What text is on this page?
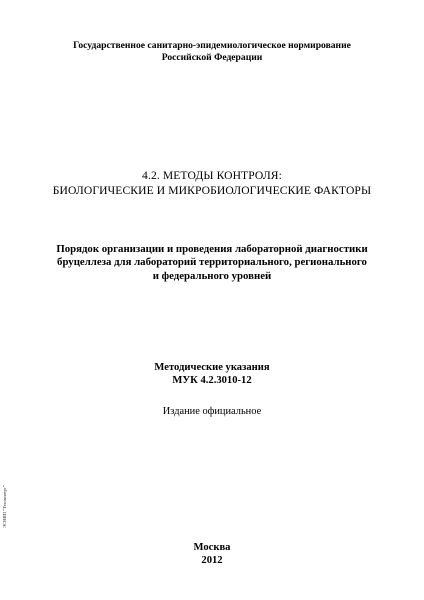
Государственное санитарно-эпидемиологическое нормирование
Российской Федерации
4.2. МЕТОДЫ КОНТРОЛЯ:
БИОЛОГИЧЕСКИЕ И МИКРОБИОЛОГИЧЕСКИЕ ФАКТОРЫ
Порядок организации и проведения лабораторной диагностики
бруцеллеза для лабораторий территориального, регионального
и федерального уровней
Методические указания
МУК 4.2.3010-12
Издание официальное
Москва
2012
ЭСНИП "Техэксперт"
